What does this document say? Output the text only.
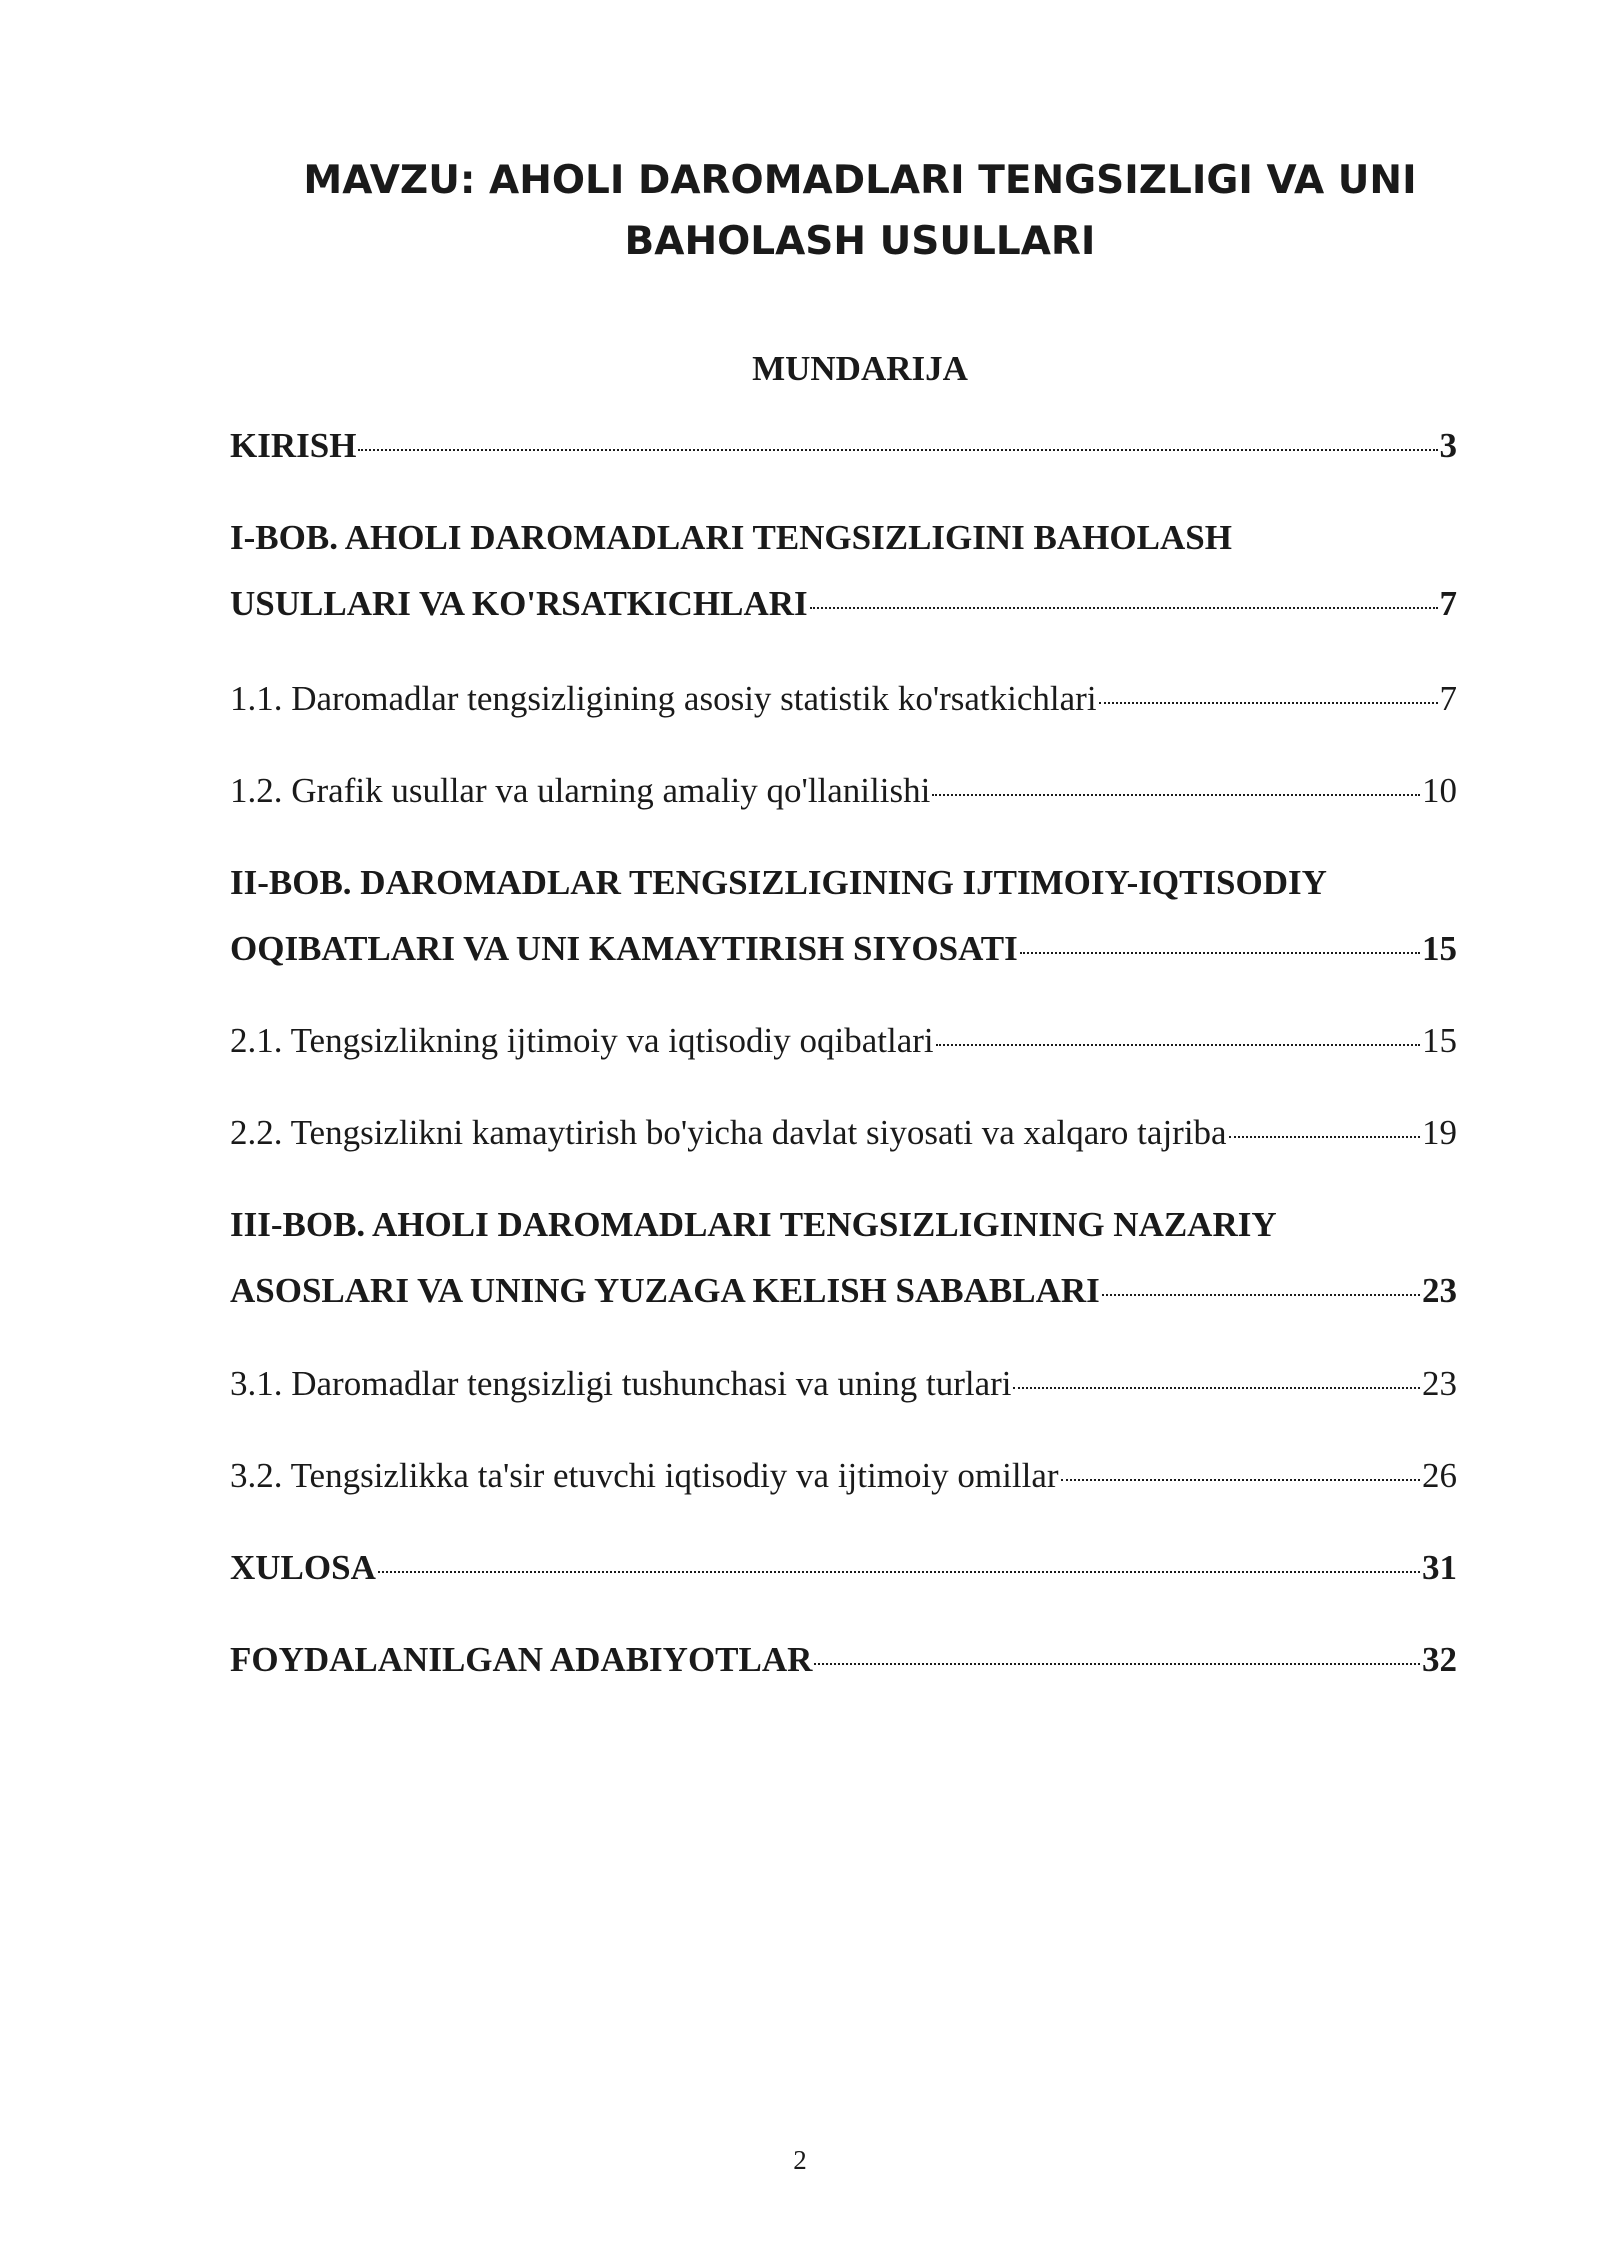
MAVZU: AHOLI DAROMADLARI TENGSIZLIGI VA UNI
BAHOLASH USULLARI
MUNDARIJA
KIRISH	3
I-BOB. AHOLI DAROMADLARI TENGSIZLIGINI BAHOLASH
USULLARI VA KO'RSATKICHLARI	7
1.1. Daromadlar tengsizligining asosiy statistik ko'rsatkichlari	7
1.2. Grafik usullar va ularning amaliy qo'llanilishi	10
II-BOB. DAROMADLAR TENGSIZLIGINING IJTIMOIY-IQTISODIY
OQIBATLARI VA UNI KAMAYTIRISH SIYOSATI	15
2.1. Tengsizlikning ijtimoiy va iqtisodiy oqibatlari	15
2.2. Tengsizlikni kamaytirish bo'yicha davlat siyosati va xalqaro tajriba	19
III-BOB. AHOLI DAROMADLARI TENGSIZLIGINING NAZARIY
ASOSLARI VA UNING YUZAGA KELISH SABABLARI	23
3.1. Daromadlar tengsizligi tushunchasi va uning turlari	23
3.2. Tengsizlikka ta'sir etuvchi iqtisodiy va ijtimoiy omillar	26
XULOSA	31
FOYDALANILGAN ADABIYOTLAR	32
2
